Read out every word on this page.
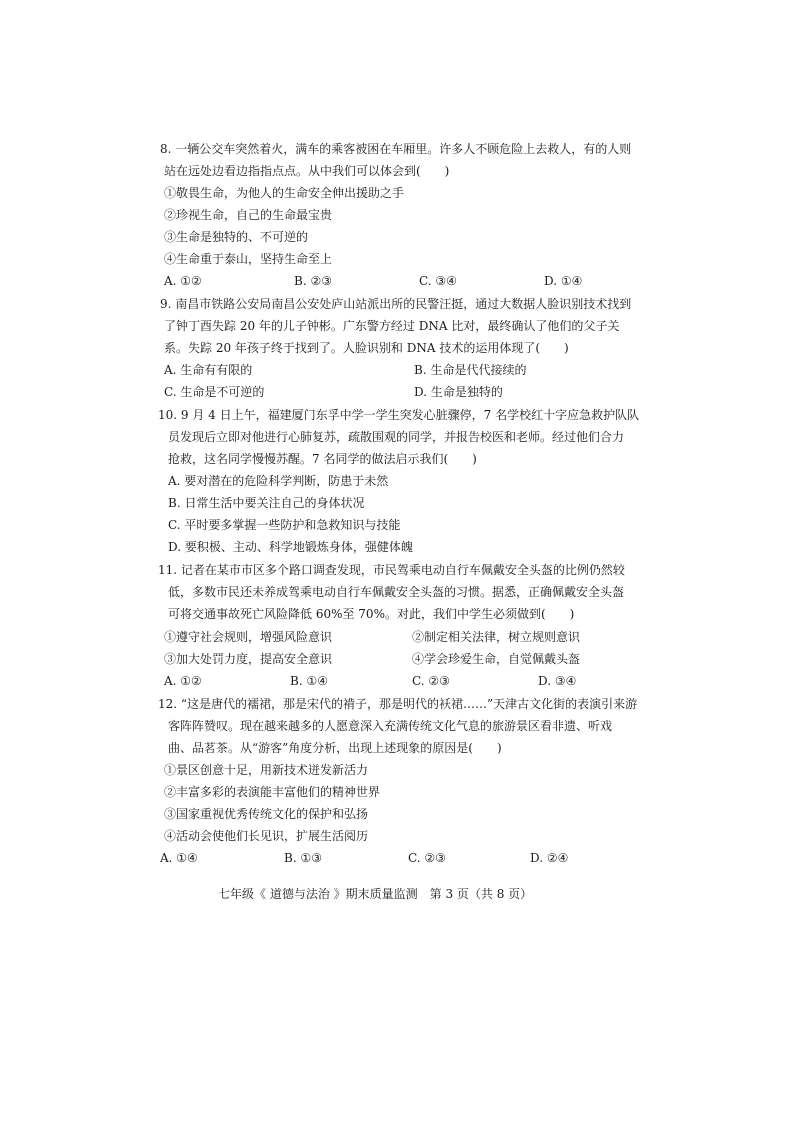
8. 一辆公交车突然着火，满车的乘客被困在车厢里。许多人不顾危险上去救人，有的人则
站在远处边看边指指点点。从中我们可以体会到(　　)
①敬畏生命，为他人的生命安全伸出援助之手
②珍视生命，自己的生命最宝贵
③生命是独特的、不可逆的
④生命重于泰山，坚持生命至上
A. ①②	B. ②③	C. ③④	D. ①④
9. 南昌市铁路公安局南昌公安处庐山站派出所的民警汪挺，通过大数据人脸识别技术找到
了钟丁酉失踪 20 年的儿子钟彬。广东警方经过 DNA 比对，最终确认了他们的父子关
系。失踪 20 年孩子终于找到了。人脸识别和 DNA 技术的运用体现了(　　)
A. 生命有有限的	B. 生命是代代接续的
C. 生命是不可逆的	D. 生命是独特的
10. 9 月 4 日上午，福建厦门东孚中学一学生突发心脏骤停，7 名学校红十字应急救护队队
员发现后立即对他进行心肺复苏，疏散围观的同学，并报告校医和老师。经过他们合力
抢救，这名同学慢慢苏醒。7 名同学的做法启示我们(　　)
A. 要对潜在的危险科学判断，防患于未然
B. 日常生活中要关注自己的身体状况
C. 平时要多掌握一些防护和急救知识与技能
D. 要积极、主动、科学地锻炼身体，强健体魄
11. 记者在某市市区多个路口调查发现，市民驾乘电动自行车佩戴安全头盔的比例仍然较
低，多数市民还未养成驾乘电动自行车佩戴安全头盔的习惯。据悉，正确佩戴安全头盔
可将交通事故死亡风险降低 60%至 70%。对此，我们中学生必须做到(　　)
①遵守社会规则，增强风险意识	②制定相关法律，树立规则意识
③加大处罚力度，提高安全意识	④学会珍爱生命，自觉佩戴头盔
A. ①②	B. ①④	C. ②③	D. ③④
12. “这是唐代的襦裙，那是宋代的褙子，那是明代的袄裙……”天津古文化街的表演引来游
客阵阵赞叹。现在越来越多的人愿意深入充满传统文化气息的旅游景区看非遗、听戏
曲、品茗茶。从“游客”角度分析，出现上述现象的原因是(　　)
①景区创意十足，用新技术迸发新活力
②丰富多彩的表演能丰富他们的精神世界
③国家重视优秀传统文化的保护和弘扬
④活动会使他们长见识，扩展生活阅历
A. ①④	B. ①③	C. ②③	D. ②④
七年级《 道德与法治 》期末质量监测　第 3 页（共 8 页）
